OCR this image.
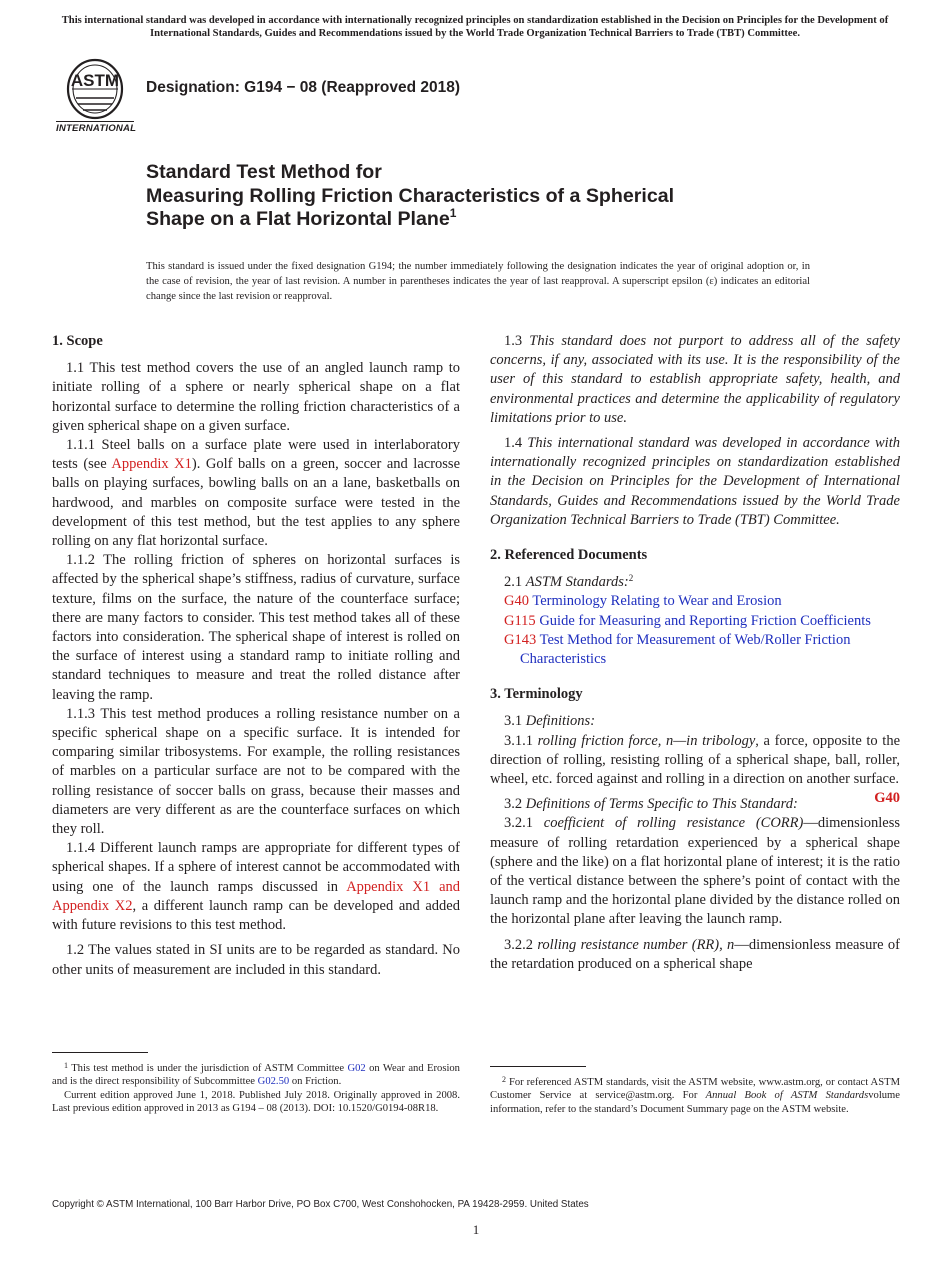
This international standard was developed in accordance with internationally recognized principles on standardization established in the Decision on Principles for the Development of International Standards, Guides and Recommendations issued by the World Trade Organization Technical Barriers to Trade (TBT) Committee.
ASTM
INTERNATIONAL
Designation: G194 − 08 (Reapproved 2018)
Standard Test Method for
Measuring Rolling Friction Characteristics of a Spherical
Shape on a Flat Horizontal Plane$^1$
This standard is issued under the fixed designation G194; the number immediately following the designation indicates the year of original adoption or, in the case of revision, the year of last revision. A number in parentheses indicates the year of last reapproval. A superscript epsilon (ε) indicates an editorial change since the last revision or reapproval.
1. Scope

1.1 This test method covers the use of an angled launch ramp to initiate rolling of a sphere or nearly spherical shape on a flat horizontal surface to determine the rolling friction characteristics of a given spherical shape on a given surface.

1.1.1 Steel balls on a surface plate were used in interlaboratory tests (see Appendix X1). Golf balls on a green, soccer and lacrosse balls on playing surfaces, bowling balls on an a lane, basketballs on hardwood, and marbles on composite surface were tested in the development of this test method, but the test applies to any sphere rolling on any flat horizontal surface.

1.1.2 The rolling friction of spheres on horizontal surfaces is affected by the spherical shape’s stiffness, radius of curvature, surface texture, films on the surface, the nature of the counterface surface; there are many factors to consider. This test method takes all of these factors into consideration. The spherical shape of interest is rolled on the surface of interest using a standard ramp to initiate rolling and standard techniques to measure and treat the rolled distance after leaving the ramp.

1.1.3 This test method produces a rolling resistance number on a specific spherical shape on a specific surface. It is intended for comparing similar tribosystems. For example, the rolling resistances of marbles on a particular surface are not to be compared with the rolling resistance of soccer balls on grass, because their masses and diameters are very different as are the counterface surfaces on which they roll.

1.1.4 Different launch ramps are appropriate for different types of spherical shapes. If a sphere of interest cannot be accommodated with using one of the launch ramps discussed in Appendix X1 and Appendix X2, a different launch ramp can be developed and added with future revisions to this test method.

1.2 The values stated in SI units are to be regarded as standard. No other units of measurement are included in this standard.

1.3 This standard does not purport to address all of the safety concerns, if any, associated with its use. It is the responsibility of the user of this standard to establish appropriate safety, health, and environmental practices and determine the applicability of regulatory limitations prior to use.

1.4 This international standard was developed in accordance with internationally recognized principles on standardization established in the Decision on Principles for the Development of International Standards, Guides and Recommendations issued by the World Trade Organization Technical Barriers to Trade (TBT) Committee.

2. Referenced Documents

2.1 ASTM Standards:$^2$

G40 Terminology Relating to Wear and Erosion

G115 Guide for Measuring and Reporting Friction Coefficients

G143 Test Method for Measurement of Web/Roller Friction Characteristics

3. Terminology

3.1 Definitions:

3.1.1 rolling friction force, n—in tribology, a force, opposite to the direction of rolling, resisting rolling of a spherical shape, ball, roller, wheel, etc. forced against and rolling in a direction on another surface.
G40

3.2 Definitions of Terms Specific to This Standard:

3.2.1 coefficient of rolling resistance (CORR)—dimensionless measure of rolling retardation experienced by a spherical shape (sphere and the like) on a flat horizontal plane of interest; it is the ratio of the vertical distance between the sphere’s point of contact with the launch ramp and the horizontal plane divided by the distance rolled on the horizontal plane after leaving the launch ramp.

3.2.2 rolling resistance number (RR), n—dimensionless measure of the retardation produced on a spherical shape

$^1$ This test method is under the jurisdiction of ASTM Committee G02 on Wear and Erosion and is the direct responsibility of Subcommittee G02.50 on Friction.

Current edition approved June 1, 2018. Published July 2018. Originally approved in 2008. Last previous edition approved in 2013 as G194 – 08 (2013). DOI: 10.1520/G0194-08R18.

$^2$ For referenced ASTM standards, visit the ASTM website, www.astm.org, or contact ASTM Customer Service at service@astm.org. For Annual Book of ASTM Standardsvolume information, refer to the standard’s Document Summary page on the ASTM website.

Copyright © ASTM International, 100 Barr Harbor Drive, PO Box C700, West Conshohocken, PA 19428-2959. United States
1
